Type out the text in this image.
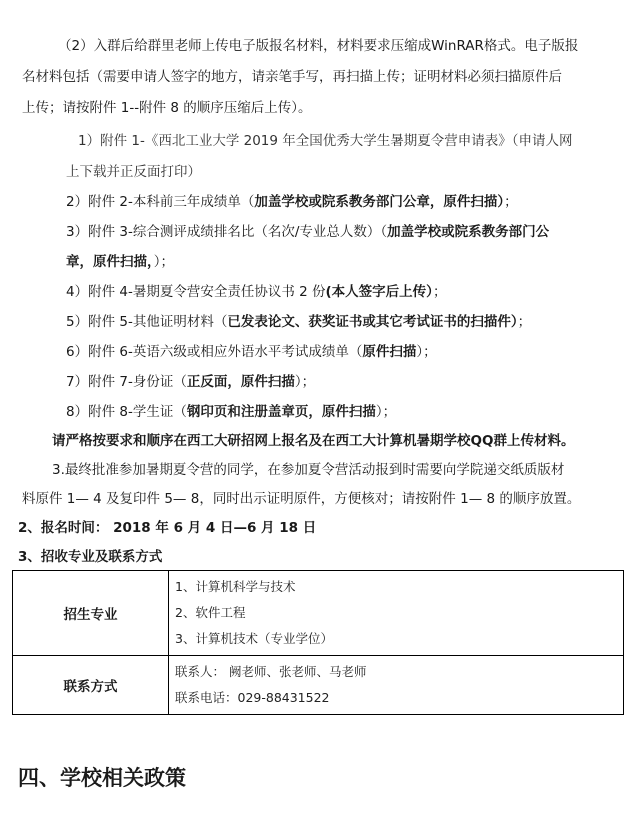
（2）入群后给群里老师上传电子版报名材料，材料要求压缩成WinRAR格式。电子版报
名材料包括（需要申请人签字的地方，请亲笔手写，再扫描上传；证明材料必须扫描原件后
上传；请按附件 1--附件 8 的顺序压缩后上传）。
1）附件 1-《西北工业大学 2019 年全国优秀大学生暑期夏令营申请表》（申请人网
上下载并正反面打印）
2）附件 2-本科前三年成绩单（加盖学校或院系教务部门公章，原件扫描）；
3）附件 3-综合测评成绩排名比（名次/专业总人数）（加盖学校或院系教务部门公
章，原件扫描，）；
4）附件 4-暑期夏令营安全责任协议书 2 份(本人签字后上传）；
5）附件 5-其他证明材料（已发表论文、获奖证书或其它考试证书的扫描件）；
6）附件 6-英语六级或相应外语水平考试成绩单（原件扫描）；
7）附件 7-身份证（正反面，原件扫描）；
8）附件 8-学生证（钢印页和注册盖章页，原件扫描）；
请严格按要求和顺序在西工大研招网上报名及在西工大计算机暑期学校QQ群上传材料。
3.最终批准参加暑期夏令营的同学，在参加夏令营活动报到时需要向学院递交纸质版材
料原件 1— 4 及复印件 5— 8，同时出示证明原件，方便核对；请按附件 1— 8 的顺序放置。
2、报名时间： 2018 年 6 月 4 日—6 月 18 日
3、招收专业及联系方式
招生专业	1、计算机科学与技术
2、软件工程
3、计算机技术（专业学位）

联系方式	联系人： 阙老师、张老师、马老师
联系电话：029-88431522
四、学校相关政策
